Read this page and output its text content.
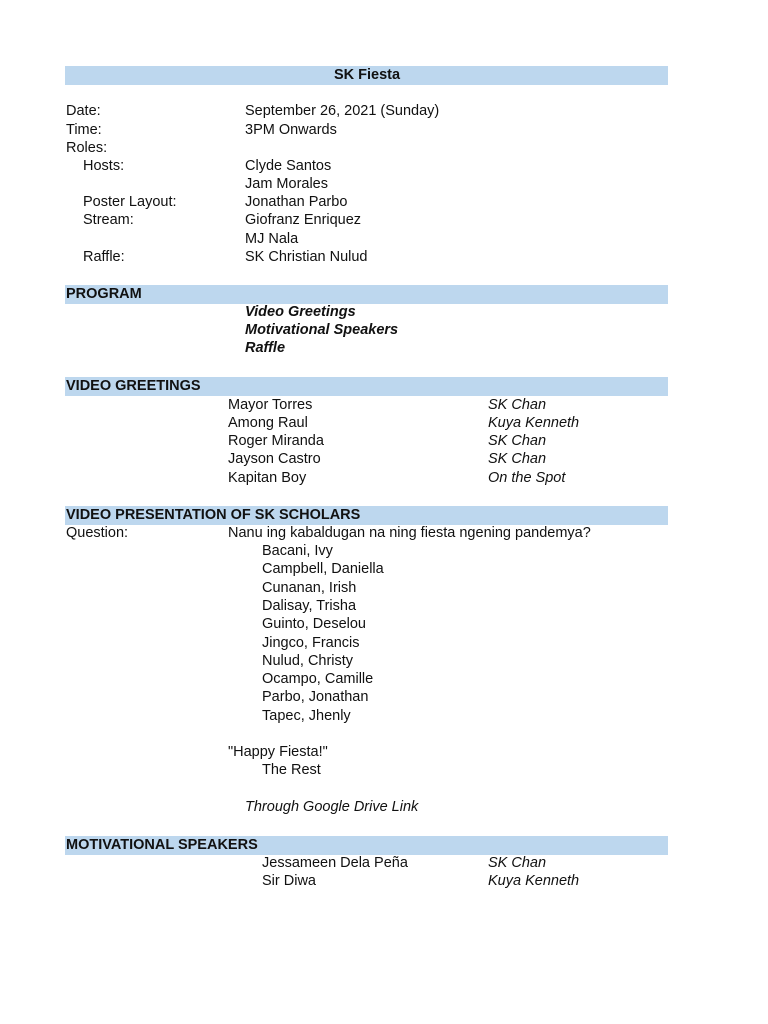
SK Fiesta
Date:	September 26, 2021 (Sunday)
Time:	3PM Onwards
Roles:
Hosts:	Clyde Santos
Jam Morales
Poster Layout:	Jonathan Parbo
Stream:	Giofranz Enriquez
MJ Nala
Raffle:	SK Christian Nulud
PROGRAM
Video Greetings
Motivational Speakers
Raffle
VIDEO GREETINGS
Mayor Torres	SK Chan
Among Raul	Kuya Kenneth
Roger Miranda	SK Chan
Jayson Castro	SK Chan
Kapitan Boy	On the Spot
VIDEO PRESENTATION OF SK SCHOLARS
Question:	Nanu ing kabaldugan na ning fiesta ngening pandemya?
Bacani, Ivy
Campbell, Daniella
Cunanan, Irish
Dalisay, Trisha
Guinto, Deselou
Jingco, Francis
Nulud, Christy
Ocampo, Camille
Parbo, Jonathan
Tapec, Jhenly
"Happy Fiesta!"
The Rest
Through Google Drive Link
MOTIVATIONAL SPEAKERS
Jessameen Dela Peña	SK Chan
Sir Diwa	Kuya Kenneth
